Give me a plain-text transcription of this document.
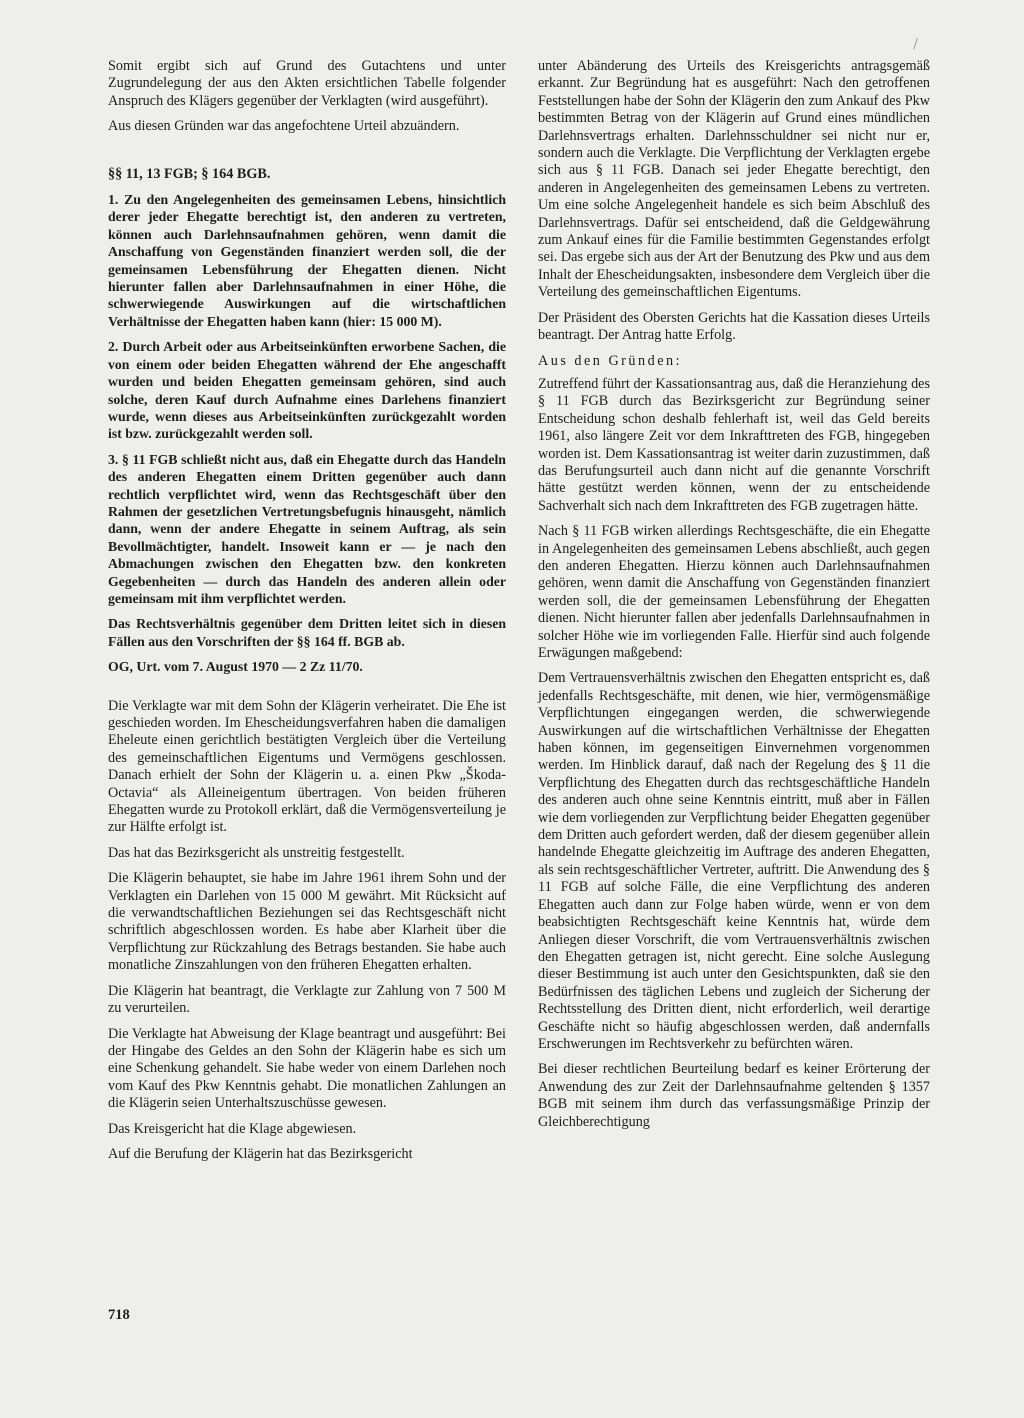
Somit ergibt sich auf Grund des Gutachtens und unter Zugrundelegung der aus den Akten ersichtlichen Tabelle folgender Anspruch des Klägers gegenüber der Verklagten (wird ausgeführt).

Aus diesen Gründen war das angefochtene Urteil abzuändern.

§§ 11, 13 FGB; § 164 BGB.

1. Zu den Angelegenheiten des gemeinsamen Lebens, hinsichtlich derer jeder Ehegatte berechtigt ist, den anderen zu vertreten, können auch Darlehnsaufnahmen gehören, wenn damit die Anschaffung von Gegenständen finanziert werden soll, die der gemeinsamen Lebensführung der Ehegatten dienen. Nicht hierunter fallen aber Darlehnsaufnahmen in einer Höhe, die schwerwiegende Auswirkungen auf die wirtschaftlichen Verhältnisse der Ehegatten haben kann (hier: 15 000 M).

2. Durch Arbeit oder aus Arbeitseinkünften erworbene Sachen, die von einem oder beiden Ehegatten während der Ehe angeschafft wurden und beiden Ehegatten gemeinsam gehören, sind auch solche, deren Kauf durch Aufnahme eines Darlehens finanziert wurde, wenn dieses aus Arbeitseinkünften zurückgezahlt worden ist bzw. zurückgezahlt werden soll.

3. § 11 FGB schließt nicht aus, daß ein Ehegatte durch das Handeln des anderen Ehegatten einem Dritten gegenüber auch dann rechtlich verpflichtet wird, wenn das Rechtsgeschäft über den Rahmen der gesetzlichen Vertretungsbefugnis hinausgeht, nämlich dann, wenn der andere Ehegatte in seinem Auftrag, als sein Bevollmächtigter, handelt. Insoweit kann er — je nach den Abmachungen zwischen den Ehegatten bzw. den konkreten Gegebenheiten — durch das Handeln des anderen allein oder gemeinsam mit ihm verpflichtet werden.

Das Rechtsverhältnis gegenüber dem Dritten leitet sich in diesen Fällen aus den Vorschriften der §§ 164 ff. BGB ab.

OG, Urt. vom 7. August 1970 — 2 Zz 11/70.

Die Verklagte war mit dem Sohn der Klägerin verheiratet. Die Ehe ist geschieden worden. Im Ehescheidungsverfahren haben die damaligen Eheleute einen gerichtlich bestätigten Vergleich über die Verteilung des gemeinschaftlichen Eigentums und Vermögens geschlossen. Danach erhielt der Sohn der Klägerin u. a. einen Pkw „Škoda-Octavia“ als Alleineigentum übertragen. Von beiden früheren Ehegatten wurde zu Protokoll erklärt, daß die Vermögensverteilung je zur Hälfte erfolgt ist.

Das hat das Bezirksgericht als unstreitig festgestellt.

Die Klägerin behauptet, sie habe im Jahre 1961 ihrem Sohn und der Verklagten ein Darlehen von 15 000 M gewährt. Mit Rücksicht auf die verwandtschaftlichen Beziehungen sei das Rechtsgeschäft nicht schriftlich abgeschlossen worden. Es habe aber Klarheit über die Verpflichtung zur Rückzahlung des Betrags bestanden. Sie habe auch monatliche Zinszahlungen von den früheren Ehegatten erhalten.

Die Klägerin hat beantragt, die Verklagte zur Zahlung von 7 500 M zu verurteilen.

Die Verklagte hat Abweisung der Klage beantragt und ausgeführt: Bei der Hingabe des Geldes an den Sohn der Klägerin habe es sich um eine Schenkung gehandelt. Sie habe weder von einem Darlehen noch vom Kauf des Pkw Kenntnis gehabt. Die monatlichen Zahlungen an die Klägerin seien Unterhaltszuschüsse gewesen.

Das Kreisgericht hat die Klage abgewiesen.

Auf die Berufung der Klägerin hat das Bezirksgericht

unter Abänderung des Urteils des Kreisgerichts antragsgemäß erkannt. Zur Begründung hat es ausgeführt: Nach den getroffenen Feststellungen habe der Sohn der Klägerin den zum Ankauf des Pkw bestimmten Betrag von der Klägerin auf Grund eines mündlichen Darlehnsvertrags erhalten. Darlehnsschuldner sei nicht nur er, sondern auch die Verklagte. Die Verpflichtung der Verklagten ergebe sich aus § 11 FGB. Danach sei jeder Ehegatte berechtigt, den anderen in Angelegenheiten des gemeinsamen Lebens zu vertreten. Um eine solche Angelegenheit handele es sich beim Abschluß des Darlehnsvertrags. Dafür sei entscheidend, daß die Geldgewährung zum Ankauf eines für die Familie bestimmten Gegenstandes erfolgt sei. Das ergebe sich aus der Art der Benutzung des Pkw und aus dem Inhalt der Ehescheidungsakten, insbesondere dem Vergleich über die Verteilung des gemeinschaftlichen Eigentums.

Der Präsident des Obersten Gerichts hat die Kassation dieses Urteils beantragt. Der Antrag hatte Erfolg.

Aus den Gründen:

Zutreffend führt der Kassationsantrag aus, daß die Heranziehung des § 11 FGB durch das Bezirksgericht zur Begründung seiner Entscheidung schon deshalb fehlerhaft ist, weil das Geld bereits 1961, also längere Zeit vor dem Inkrafttreten des FGB, hingegeben worden ist. Dem Kassationsantrag ist weiter darin zuzustimmen, daß das Berufungsurteil auch dann nicht auf die genannte Vorschrift hätte gestützt werden können, wenn der zu entscheidende Sachverhalt sich nach dem Inkrafttreten des FGB zugetragen hätte.

Nach § 11 FGB wirken allerdings Rechtsgeschäfte, die ein Ehegatte in Angelegenheiten des gemeinsamen Lebens abschließt, auch gegen den anderen Ehegatten. Hierzu können auch Darlehnsaufnahmen gehören, wenn damit die Anschaffung von Gegenständen finanziert werden soll, die der gemeinsamen Lebensführung der Ehegatten dienen. Nicht hierunter fallen aber jedenfalls Darlehnsaufnahmen in solcher Höhe wie im vorliegenden Falle. Hierfür sind auch folgende Erwägungen maßgebend:

Dem Vertrauensverhältnis zwischen den Ehegatten entspricht es, daß jedenfalls Rechtsgeschäfte, mit denen, wie hier, vermögensmäßige Verpflichtungen eingegangen werden, die schwerwiegende Auswirkungen auf die wirtschaftlichen Verhältnisse der Ehegatten haben können, im gegenseitigen Einvernehmen vorgenommen werden. Im Hinblick darauf, daß nach der Regelung des § 11 die Verpflichtung des Ehegatten durch das rechtsgeschäftliche Handeln des anderen auch ohne seine Kenntnis eintritt, muß aber in Fällen wie dem vorliegenden zur Verpflichtung beider Ehegatten gegenüber dem Dritten auch gefordert werden, daß der diesem gegenüber allein handelnde Ehegatte gleichzeitig im Auftrage des anderen Ehegatten, als sein rechtsgeschäftlicher Vertreter, auftritt. Die Anwendung des § 11 FGB auf solche Fälle, die eine Verpflichtung des anderen Ehegatten auch dann zur Folge haben würde, wenn er von dem beabsichtigten Rechtsgeschäft keine Kenntnis hat, würde dem Anliegen dieser Vorschrift, die vom Vertrauensverhältnis zwischen den Ehegatten getragen ist, nicht gerecht. Eine solche Auslegung dieser Bestimmung ist auch unter den Gesichtspunkten, daß sie den Bedürfnissen des täglichen Lebens und zugleich der Sicherung der Rechtsstellung des Dritten dient, nicht erforderlich, weil derartige Geschäfte nicht so häufig abgeschlossen werden, daß andernfalls Erschwerungen im Rechtsverkehr zu befürchten wären.

Bei dieser rechtlichen Beurteilung bedarf es keiner Erörterung der Anwendung des zur Zeit der Darlehnsaufnahme geltenden § 1357 BGB mit seinem ihm durch das verfassungsmäßige Prinzip der Gleichberechtigung

718
